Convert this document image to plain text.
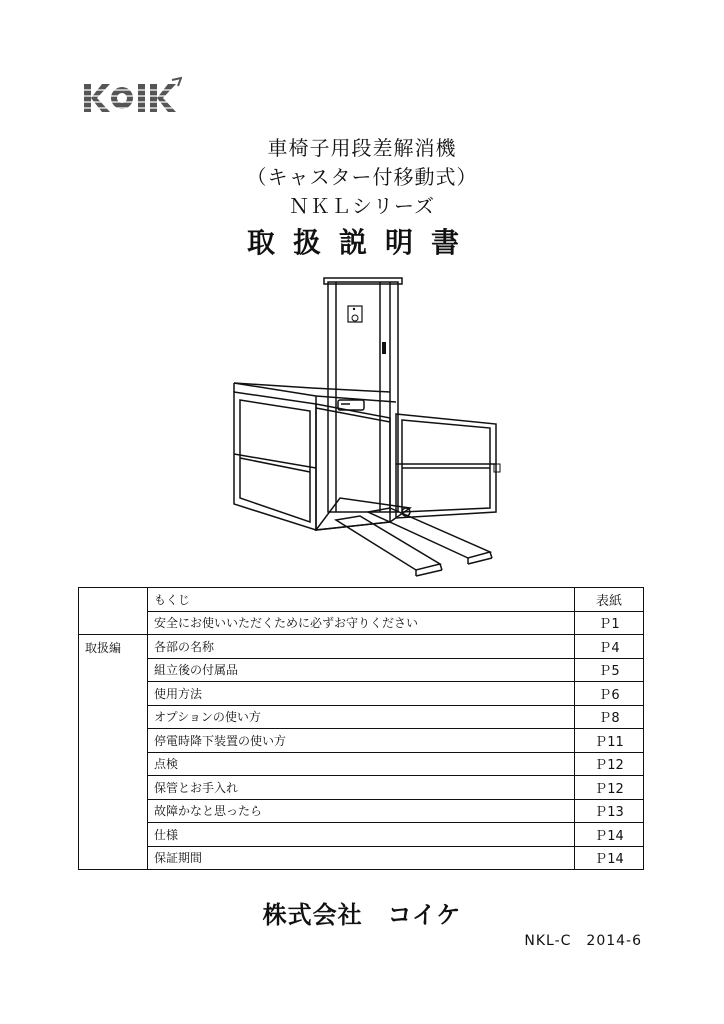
車椅子用段差解消機
（キャスター付移動式）
ＮＫＬシリーズ
取扱説明書
	もくじ	表紙
	安全にお使いいただくために必ずお守りください	Ｐ1
取扱編	各部の名称	Ｐ4
	組立後の付属品	Ｐ5
	使用方法	Ｐ6
	オプションの使い方	Ｐ8
	停電時降下装置の使い方	Ｐ11
	点検	Ｐ12
	保管とお手入れ	Ｐ12
	故障かなと思ったら	Ｐ13
	仕様	Ｐ14
	保証期間	Ｐ14
株式会社　コイケ
NKL-C　2014-6
